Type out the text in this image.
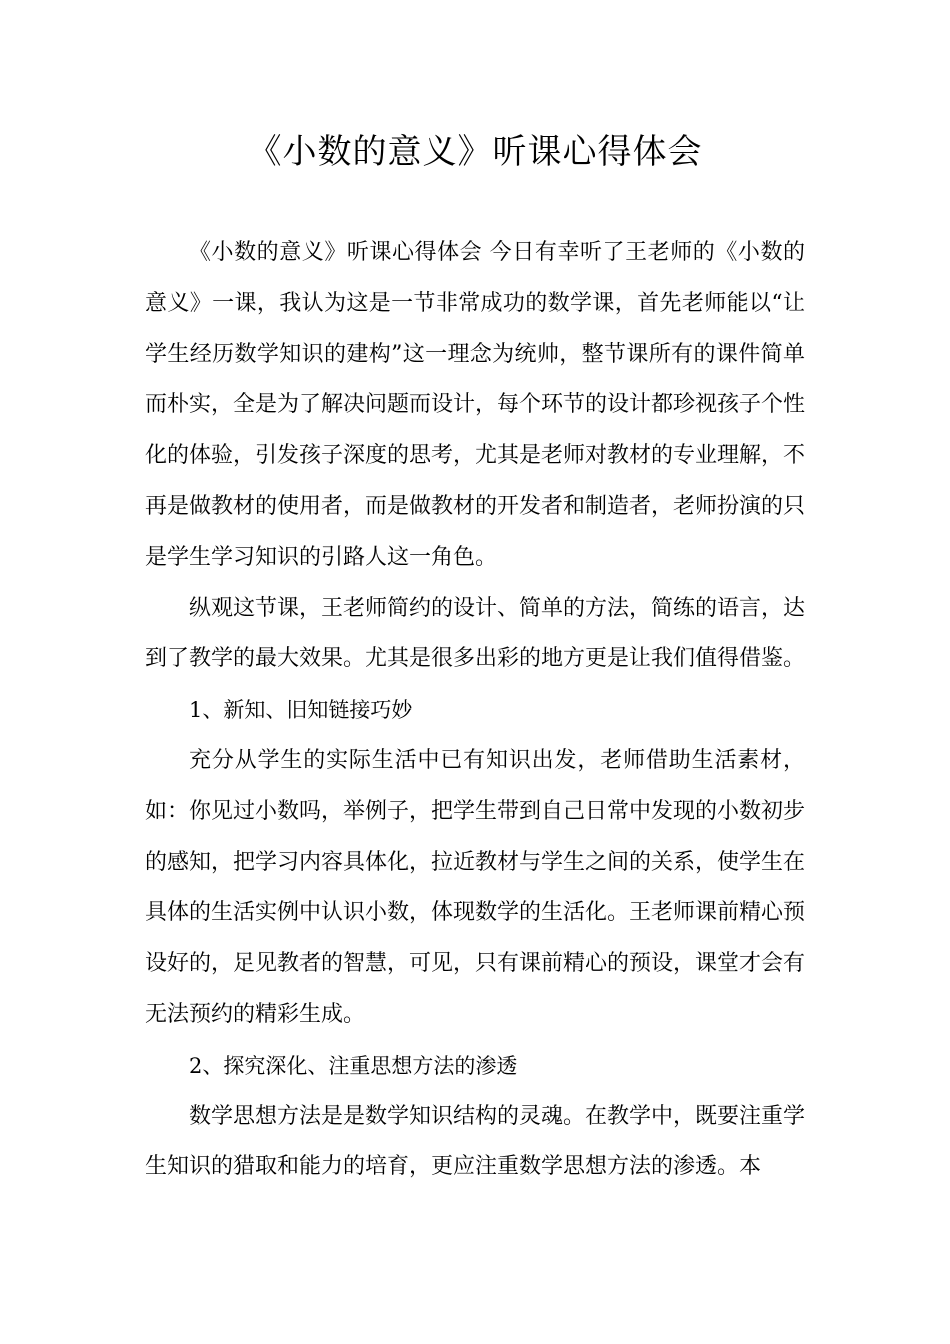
《小数的意义》听课心得体会

《小数的意义》听课心得体会 今日有幸听了王老师的《小数的意义》一课，我认为这是一节非常成功的数学课，首先老师能以“让学生经历数学知识的建构”这一理念为统帅，整节课所有的课件简单而朴实，全是为了解决问题而设计，每个环节的设计都珍视孩子个性化的体验，引发孩子深度的思考，尤其是老师对教材的专业理解，不再是做教材的使用者，而是做教材的开发者和制造者，老师扮演的只是学生学习知识的引路人这一角色。

纵观这节课，王老师简约的设计、简单的方法，简练的语言，达到了教学的最大效果。尤其是很多出彩的地方更是让我们值得借鉴。

1、新知、旧知链接巧妙

充分从学生的实际生活中已有知识出发，老师借助生活素材，如：你见过小数吗，举例子，把学生带到自己日常中发现的小数初步的感知，把学习内容具体化，拉近教材与学生之间的关系，使学生在具体的生活实例中认识小数，体现数学的生活化。王老师课前精心预设好的，足见教者的智慧，可见，只有课前精心的预设，课堂才会有无法预约的精彩生成。

2、探究深化、注重思想方法的渗透

数学思想方法是是数学知识结构的灵魂。在教学中，既要注重学生知识的猎取和能力的培育，更应注重数学思想方法的渗透。本
